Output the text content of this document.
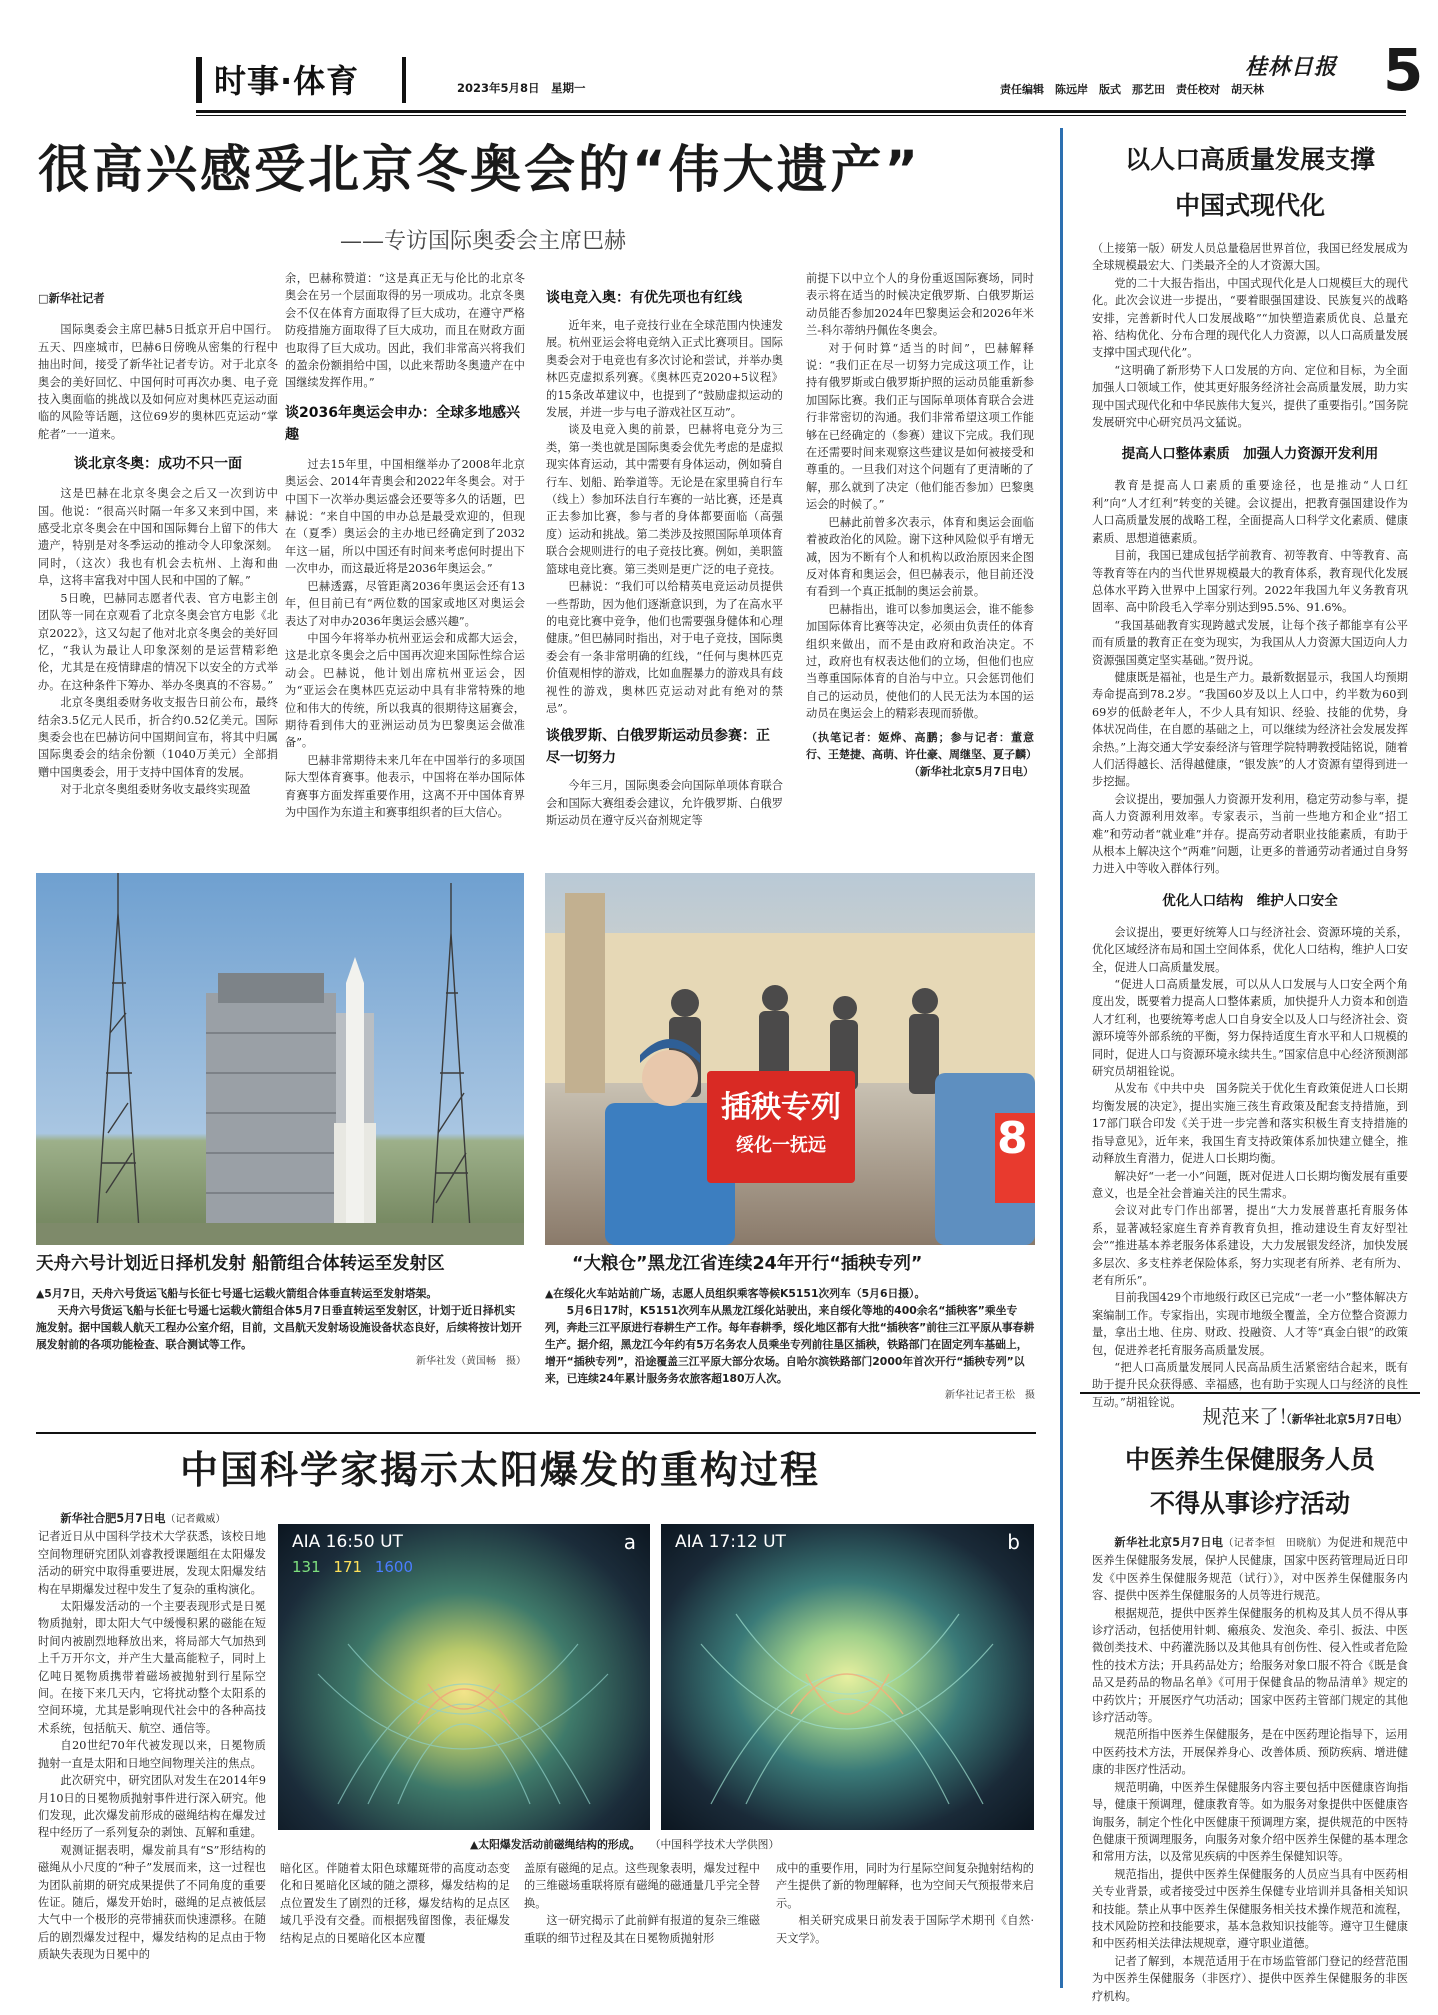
时事·体育	2023年5月8日　星期一
桂林日报
责任编辑　陈远岸　版式　那艺田　责任校对　胡天林 5
很高兴感受北京冬奥会的“伟大遗产”
——专访国际奥委会主席巴赫

□新华社记者

国际奥委会主席巴赫5日抵京开启中国行。五天、四座城市，巴赫6日傍晚从密集的行程中抽出时间，接受了新华社记者专访。对于北京冬奥会的美好回忆、中国何时可再次办奥、电子竞技入奥面临的挑战以及如何应对奥林匹克运动面临的风险等话题，这位69岁的奥林匹克运动“掌舵者”一一道来。

谈北京冬奥：成功不只一面

这是巴赫在北京冬奥会之后又一次到访中国。他说：“很高兴时隔一年多又来到中国，来感受北京冬奥会在中国和国际舞台上留下的伟大遗产，特别是对冬季运动的推动令人印象深刻。同时，（这次）我也有机会去杭州、上海和曲阜，这将丰富我对中国人民和中国的了解。”

5日晚，巴赫同志愿者代表、官方电影主创团队等一同在京观看了北京冬奥会官方电影《北京2022》，这又勾起了他对北京冬奥会的美好回忆，“我认为最让人印象深刻的是运营精彩绝伦，尤其是在疫情肆虐的情况下以安全的方式举办。在这种条件下筹办、举办冬奥真的不容易。”

北京冬奥组委财务收支报告日前公布，最终结余3.5亿元人民币，折合约0.52亿美元。国际奥委会也在巴赫访问中国期间宣布，将其中归属国际奥委会的结余份额（1040万美元）全部捐赠中国奥委会，用于支持中国体育的发展。

对于北京冬奥组委财务收支最终实现盈

余，巴赫称赞道：“这是真正无与伦比的北京冬奥会在另一个层面取得的另一项成功。北京冬奥会不仅在体育方面取得了巨大成功，在遵守严格防疫措施方面取得了巨大成功，而且在财政方面也取得了巨大成功。因此，我们非常高兴将我们的盈余份额捐给中国，以此来帮助冬奥遗产在中国继续发挥作用。”

谈2036年奥运会申办：全球多地感兴趣

过去15年里，中国相继举办了2008年北京奥运会、2014年青奥会和2022年冬奥会。对于中国下一次举办奥运盛会还要等多久的话题，巴赫说：“来自中国的申办总是最受欢迎的，但现在（夏季）奥运会的主办地已经确定到了2032年这一届，所以中国还有时间来考虑何时提出下一次申办，而这最近将是2036年奥运会。”

巴赫透露，尽管距离2036年奥运会还有13年，但目前已有“两位数的国家或地区对奥运会表达了对申办2036年奥运会感兴趣”。

中国今年将举办杭州亚运会和成都大运会，这是北京冬奥会之后中国再次迎来国际性综合运动会。巴赫说，他计划出席杭州亚运会，因为“亚运会在奥林匹克运动中具有非常特殊的地位和伟大的传统，所以我真的很期待这届赛会，期待看到伟大的亚洲运动员为巴黎奥运会做准备”。

巴赫非常期待未来几年在中国举行的多项国际大型体育赛事。他表示，中国将在举办国际体育赛事方面发挥重要作用，这离不开中国体育界为中国作为东道主和赛事组织者的巨大信心。

谈电竞入奥：有优先项也有红线

近年来，电子竞技行业在全球范围内快速发展。杭州亚运会将电竞纳入正式比赛项目。国际奥委会对于电竞也有多次讨论和尝试，并举办奥林匹克虚拟系列赛。《奥林匹克2020+5议程》的15条改革建议中，也提到了“鼓励虚拟运动的发展，并进一步与电子游戏社区互动”。

谈及电竞入奥的前景，巴赫将电竞分为三类，第一类也就是国际奥委会优先考虑的是虚拟现实体育运动，其中需要有身体运动，例如骑自行车、划船、跆拳道等。无论是在家里骑自行车（线上）参加环法自行车赛的一站比赛，还是真正去参加比赛，参与者的身体都要面临（高强度）运动和挑战。第二类涉及按照国际单项体育联合会规则进行的电子竞技比赛。例如，美职篮篮球电竞比赛。第三类则是更广泛的电子竞技。

巴赫说：“我们可以给精英电竞运动员提供一些帮助，因为他们逐渐意识到，为了在高水平的电竞比赛中竞争，他们也需要强身健体和心理健康。”但巴赫同时指出，对于电子竞技，国际奥委会有一条非常明确的红线，“任何与奥林匹克价值观相悖的游戏，比如血腥暴力的游戏具有歧视性的游戏，奥林匹克运动对此有绝对的禁忌”。

谈俄罗斯、白俄罗斯运动员参赛：正尽一切努力

今年三月，国际奥委会向国际单项体育联合会和国际大赛组委会建议，允许俄罗斯、白俄罗斯运动员在遵守反兴奋剂规定等

前提下以中立个人的身份重返国际赛场，同时表示将在适当的时候决定俄罗斯、白俄罗斯运动员能否参加2024年巴黎奥运会和2026年米兰-科尔蒂纳丹佩佐冬奥会。

对于何时算“适当的时间”，巴赫解释说：“我们正在尽一切努力完成这项工作，让持有俄罗斯或白俄罗斯护照的运动员能重新参加国际比赛。我们正与国际单项体育联合会进行非常密切的沟通。我们非常希望这项工作能够在已经确定的（参赛）建议下完成。我们现在还需要时间来观察这些建议是如何被接受和尊重的。一旦我们对这个问题有了更清晰的了解，那么就到了决定（他们能否参加）巴黎奥运会的时候了。”

巴赫此前曾多次表示，体育和奥运会面临着被政治化的风险。谢下这种风险似乎有增无减，因为不断有个人和机构以政治原因来企图反对体育和奥运会，但巴赫表示，他目前还没有看到一个真正抵制的奥运会前景。

巴赫指出，谁可以参加奥运会，谁不能参加国际体育比赛等决定，必须由负责任的体育组织来做出，而不是由政府和政治决定。不过，政府也有权表达他们的立场，但他们也应当尊重国际体育的自治与中立。只会惩罚他们自己的运动员，使他们的人民无法为本国的运动员在奥运会上的精彩表现而骄傲。

（执笔记者：姬烨、高鹏；参与记者：董意行、王楚捷、高萌、许仕豪、周继坚、夏子麟）

（新华社北京5月7日电）

天舟六号计划近日择机发射 船箭组合体转运至发射区

▲5月7日，天舟六号货运飞船与长征七号遥七运载火箭组合体垂直转运至发射塔架。

天舟六号货运飞船与长征七号遥七运载火箭组合体5月7日垂直转运至发射区，计划于近日择机实施发射。据中国载人航天工程办公室介绍，目前，文昌航天发射场设施设备状态良好，后续将按计划开展发射前的各项功能检查、联合测试等工作。

新华社发（黄国畅　摄）

插秧专列
绥化一抚远	8
“大粮仓”黑龙江省连续24年开行“插秧专列”

▲在绥化火车站站前广场，志愿人员组织乘客等候K5151次列车（5月6日摄）。

5月6日17时，K5151次列车从黑龙江绥化站驶出，来自绥化等地的400余名“插秧客”乘坐专列，奔赴三江平原进行春耕生产工作。每年春耕季，绥化地区都有大批“插秧客”前往三江平原从事春耕生产。据介绍，黑龙江今年约有5万名务农人员乘坐专列前往垦区插秧，铁路部门在固定列车基础上，增开“插秧专列”，沿途覆盖三江平原大部分农场。自哈尔滨铁路部门2000年首次开行“插秧专列”以来，已连续24年累计服务务农旅客超180万人次。

新华社记者王松　摄

中国科学家揭示太阳爆发的重构过程

新华社合肥5月7日电（记者戴威）

记者近日从中国科学技术大学获悉，该校日地空间物理研究团队刘睿教授课题组在太阳爆发活动的研究中取得重要进展，发现太阳爆发结构在早期爆发过程中发生了复杂的重构演化。

太阳爆发活动的一个主要表现形式是日冕物质抛射，即太阳大气中缓慢积累的磁能在短时间内被剧烈地释放出来，将局部大气加热到上千万开尔文，并产生大量高能粒子，同时上亿吨日冕物质携带着磁场被抛射到行星际空间。在接下来几天内，它将扰动整个太阳系的空间环境，尤其是影响现代社会中的各种高技术系统，包括航天、航空、通信等。

自20世纪70年代被发现以来，日冕物质抛射一直是太阳和日地空间物理关注的焦点。

此次研究中，研究团队对发生在2014年9月10日的日冕物质抛射事件进行深入研究。他们发现，此次爆发前形成的磁绳结构在爆发过程中经历了一系列复杂的剥蚀、瓦解和重建。

观测证据表明，爆发前具有“S”形结构的磁绳从小尺度的“种子”发展而来，这一过程也为团队前期的研究成果提供了不同角度的重要佐证。随后，爆发开始时，磁绳的足点被低层大气中一个极形的亮带捕获而快速漂移。在随后的剧烈爆发过程中，爆发结构的足点由于物质缺失表现为日冕中的

AIA 16:50 UT	a
131 171 1600
AIA 17:12 UT	b
▲太阳爆发活动前磁绳结构的形成。 （中国科学技术大学供图）

暗化区。伴随着太阳色球耀斑带的高度动态变化和日冕暗化区域的随之漂移，爆发结构的足点位置发生了剧烈的迁移，爆发结构的足点区域几乎没有交叠。而根据残留图像，表征爆发结构足点的日冕暗化区本应覆

盖原有磁绳的足点。这些现象表明，爆发过程中的三维磁场重联将原有磁绳的磁通量几乎完全替换。

这一研究揭示了此前鲜有报道的复杂三维磁重联的细节过程及其在日冕物质抛射形

成中的重要作用，同时为行星际空间复杂抛射结构的产生提供了新的物理解释，也为空间天气预报带来启示。

相关研究成果日前发表于国际学术期刊《自然·天文学》。

以人口高质量发展支撑
中国式现代化

（上接第一版）研发人员总量稳居世界首位，我国已经发展成为全球规模最宏大、门类最齐全的人才资源大国。

党的二十大报告指出，中国式现代化是人口规模巨大的现代化。此次会议进一步提出，“要着眼强国建设、民族复兴的战略安排，完善新时代人口发展战略”“加快塑造素质优良、总量充裕、结构优化、分布合理的现代化人力资源，以人口高质量发展支撑中国式现代化”。

“这明确了新形势下人口发展的方向、定位和目标，为全面加强人口领域工作，使其更好服务经济社会高质量发展，助力实现中国式现代化和中华民族伟大复兴，提供了重要指引。”国务院发展研究中心研究员冯文猛说。

提高人口整体素质　加强人力资源开发利用

教育是提高人口素质的重要途径，也是推动“人口红利”向“人才红利”转变的关键。会议提出，把教育强国建设作为人口高质量发展的战略工程，全面提高人口科学文化素质、健康素质、思想道德素质。

目前，我国已建成包括学前教育、初等教育、中等教育、高等教育等在内的当代世界规模最大的教育体系，教育现代化发展总体水平跨入世界中上国家行列。2022年我国九年义务教育巩固率、高中阶段毛入学率分别达到95.5%、91.6%。

“我国基础教育实现跨越式发展，让每个孩子都能享有公平而有质量的教育正在变为现实，为我国从人力资源大国迈向人力资源强国奠定坚实基础。”贺丹说。

健康既是福祉，也是生产力。最新数据显示，我国人均预期寿命提高到78.2岁。“我国60岁及以上人口中，约半数为60到69岁的低龄老年人，不少人具有知识、经验、技能的优势，身体状况尚佳，在自愿的基础之上，可以继续为经济社会发展发挥余热。”上海交通大学安泰经济与管理学院特聘教授陆铭说，随着人们活得越长、活得越健康，“银发族”的人才资源有望得到进一步挖掘。

会议提出，要加强人力资源开发利用，稳定劳动参与率，提高人力资源利用效率。专家表示，当前一些地方和企业“招工难”和劳动者“就业难”并存。提高劳动者职业技能素质，有助于从根本上解决这个“两难”问题，让更多的普通劳动者通过自身努力进入中等收入群体行列。

优化人口结构　维护人口安全

会议提出，要更好统筹人口与经济社会、资源环境的关系，优化区域经济布局和国土空间体系，优化人口结构，维护人口安全，促进人口高质量发展。

“促进人口高质量发展，可以从人口发展与人口安全两个角度出发，既要着力提高人口整体素质，加快提升人力资本和创造人才红利，也要统筹考虑人口自身安全以及人口与经济社会、资源环境等外部系统的平衡，努力保持适度生育水平和人口规模的同时，促进人口与资源环境永续共生。”国家信息中心经济预测部研究员胡祖铨说。

从发布《中共中央　国务院关于优化生育政策促进人口长期均衡发展的决定》，提出实施三孩生育政策及配套支持措施，到17部门联合印发《关于进一步完善和落实积极生育支持措施的指导意见》，近年来，我国生育支持政策体系加快建立健全，推动释放生育潜力，促进人口长期均衡。

解决好“一老一小”问题，既对促进人口长期均衡发展有重要意义，也是全社会普遍关注的民生需求。

会议对此专门作出部署，提出“大力发展普惠托育服务体系，显著减轻家庭生育养育教育负担，推动建设生育友好型社会”“推进基本养老服务体系建设，大力发展银发经济，加快发展多层次、多支柱养老保险体系，努力实现老有所养、老有所为、老有所乐”。

目前我国429个市地级行政区已完成“一老一小”整体解决方案编制工作。专家指出，实现市地级全覆盖，全方位整合资源力量，拿出土地、住房、财政、投融资、人才等“真金白银”的政策包，促进养老托育服务高质量发展。

“把人口高质量发展同人民高品质生活紧密结合起来，既有助于提升民众获得感、幸福感，也有助于实现人口与经济的良性互动。”胡祖铨说。

（新华社北京5月7日电）

规范来了！
中医养生保健服务人员
不得从事诊疗活动

新华社北京5月7日电（记者李恒　田晓航）为促进和规范中医养生保健服务发展，保护人民健康，国家中医药管理局近日印发《中医养生保健服务规范（试行）》，对中医养生保健服务内容、提供中医养生保健服务的人员等进行规范。

根据规范，提供中医养生保健服务的机构及其人员不得从事诊疗活动，包括使用针刺、瘢痕灸、发泡灸、牵引、扳法、中医微创类技术、中药灌洗肠以及其他具有创伤性、侵入性或者危险性的技术方法；开具药品处方；给服务对象口服不符合《既是食品又是药品的物品名单》《可用于保健食品的物品清单》规定的中药饮片；开展医疗气功活动；国家中医药主管部门规定的其他诊疗活动等。

规范所指中医养生保健服务，是在中医药理论指导下，运用中医药技术方法，开展保养身心、改善体质、预防疾病、增进健康的非医疗性活动。

规范明确，中医养生保健服务内容主要包括中医健康咨询指导，健康干预调理，健康教育等。如为服务对象提供中医健康咨询服务，制定个性化中医健康干预调理方案，提供规范的中医特色健康干预调理服务，向服务对象介绍中医养生保健的基本理念和常用方法，以及常见疾病的中医养生保健知识等。

规范指出，提供中医养生保健服务的人员应当具有中医药相关专业背景，或者接受过中医养生保健专业培训并具备相关知识和技能。禁止从事中医养生保健服务相关技术操作规范和流程，技术风险防控和技能要求，基本急救知识技能等。遵守卫生健康和中医药相关法律法规规章，遵守职业道德。

记者了解到，本规范适用于在市场监管部门登记的经营范围为中医养生保健服务（非医疗）、提供中医养生保健服务的非医疗机构。
